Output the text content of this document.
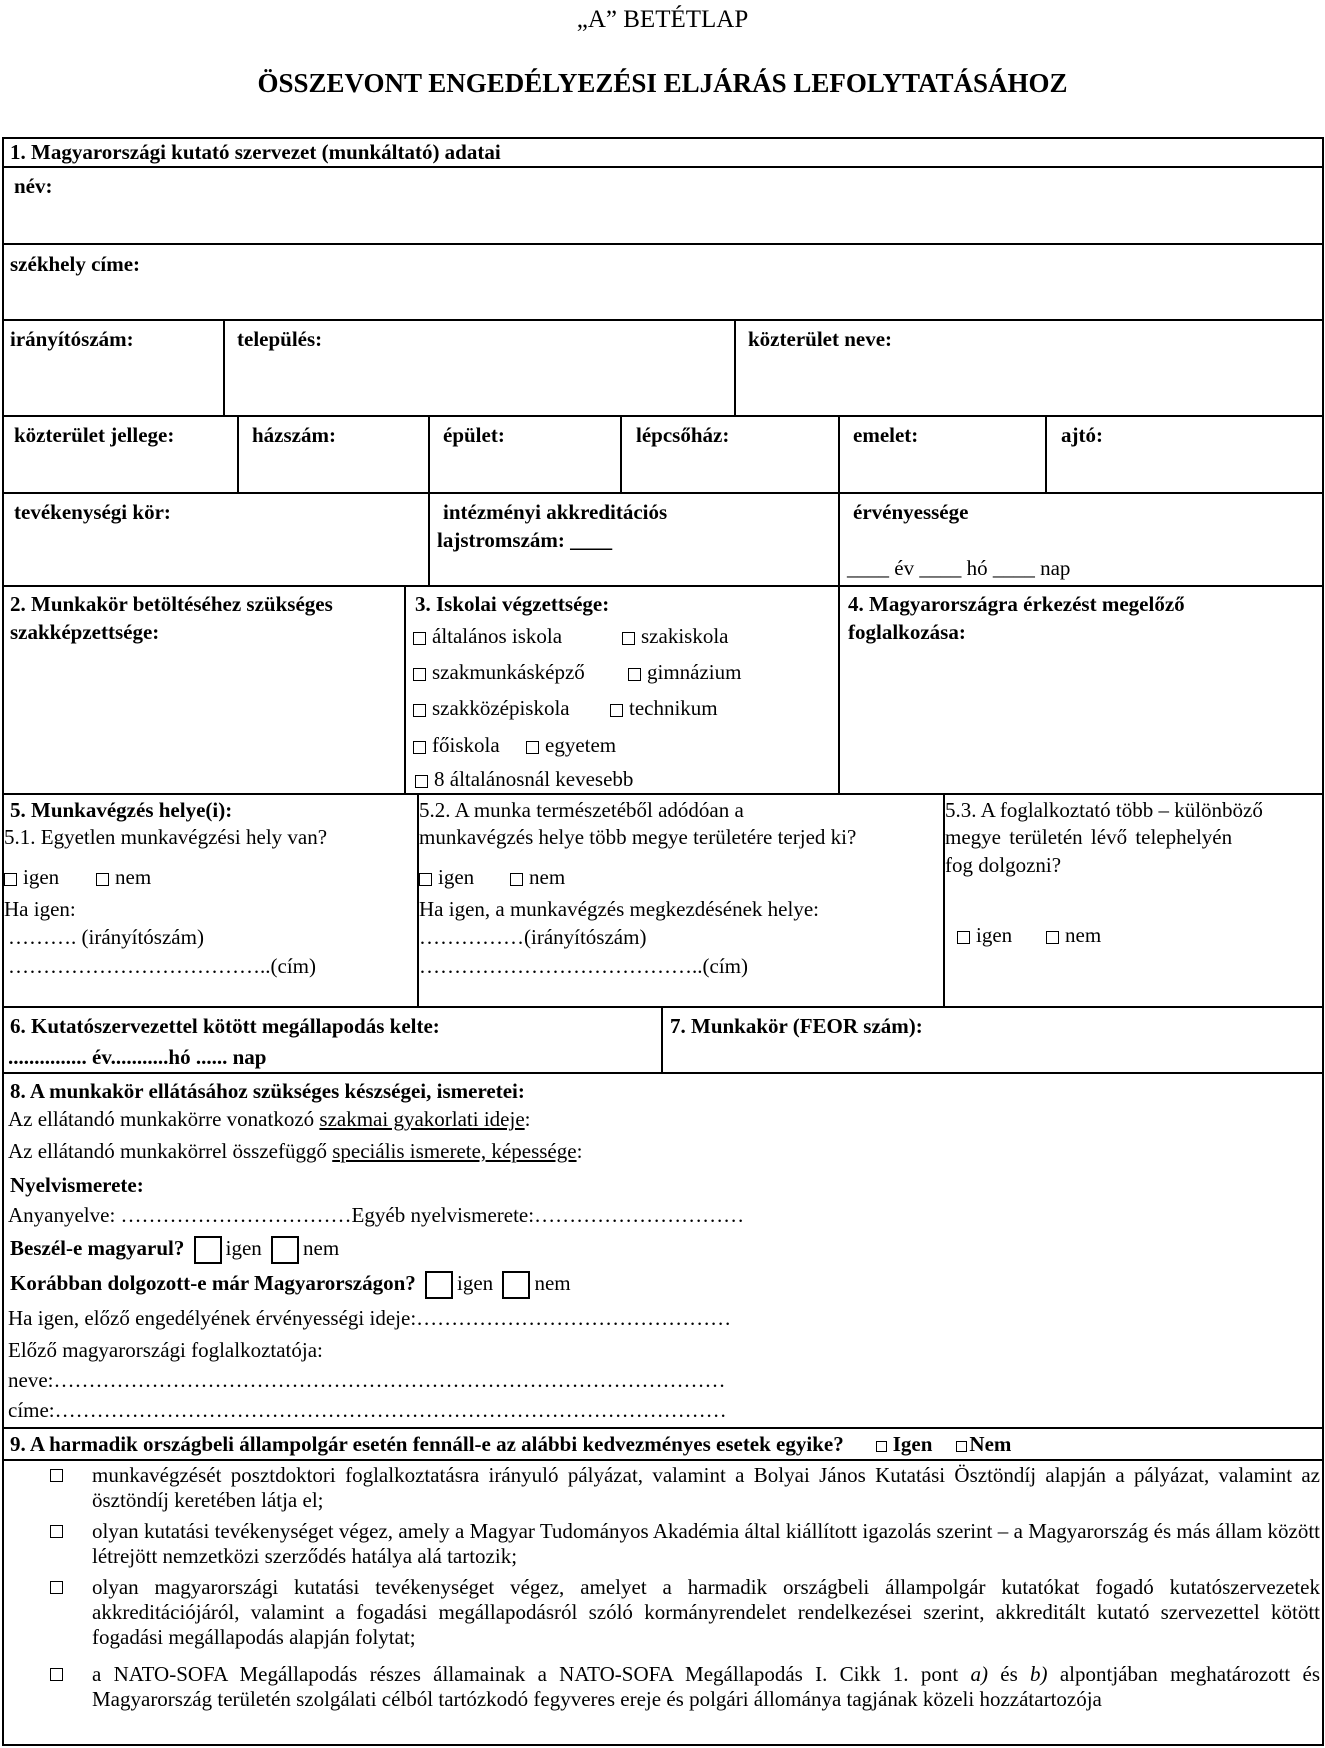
„A” BETÉTLAP
ÖSSZEVONT ENGEDÉLYEZÉSI ELJÁRÁS LEFOLYTATÁSÁHOZ
1. Magyarországi kutató szervezet (munkáltató) adatai
név:
székhely címe:
irányítószám:	település:	közterület neve:
közterület jellege:	házszám:	épület:	lépcsőház:	emelet:	ajtó:
tevékenységi kör:	intézményi akkreditációs
lajstromszám: ____
érvényessége
____ év ____ hó ____ nap
2. Munkakör betöltéséhez szükséges
szakképzettsége:
3. Iskolai végzettsége:
általános iskola	szakiskola
szakmunkásképző	gimnázium
szakközépiskola	technikum
főiskola	egyetem
8 általánosnál kevesebb
4. Magyarországra érkezést megelőző
foglalkozása:
5. Munkavégzés helye(i):
5.1. Egyetlen munkavégzési hely van?
igen	nem
Ha igen:
………. (irányítószám)
………………………………..(cím)
5.2. A munka természetéből adódóan a
munkavégzés helye több megye területére terjed ki?
igen	nem
Ha igen, a munkavégzés megkezdésének helye:
……………(irányítószám)
…………………………………..(cím)
5.3. A foglalkoztató több – különböző
megye területén lévő telephelyén
fog dolgozni?
igen	nem
6. Kutatószervezettel kötött megállapodás kelte:
............... év...........hó ...... nap
7. Munkakör (FEOR szám):
8. A munkakör ellátásához szükséges készségei, ismeretei:
Az ellátandó munkakörre vonatkozó szakmai gyakorlati ideje:
Az ellátandó munkakörrel összefüggő speciális ismerete, képessége:
Nyelvismerete:
Anyanyelve: ……………………………Egyéb nyelvismerete:…………………………
Beszél-e magyarul? igen nem
Korábban dolgozott-e már Magyarországon? igen nem
Ha igen, előző engedélyének érvényességi ideje:………………………………………
Előző magyarországi foglalkoztatója:
neve:……………………………………………………………………………………
címe:……………………………………………………………………………………
9. A harmadik országbeli állampolgár esetén fennáll-e az alábbi kedvezményes esetek egyike? Igen Nem
munkavégzését posztdoktori foglalkoztatásra irányuló pályázat, valamint a Bolyai János Kutatási Ösztöndíj alapján a pályázat, valamint az ösztöndíj keretében látja el;
olyan kutatási tevékenységet végez, amely a Magyar Tudományos Akadémia által kiállított igazolás szerint – a Magyarország és más állam között létrejött nemzetközi szerződés hatálya alá tartozik;
olyan magyarországi kutatási tevékenységet végez, amelyet a harmadik országbeli állampolgár kutatókat fogadó kutatószervezetek akkreditációjáról, valamint a fogadási megállapodásról szóló kormányrendelet rendelkezései szerint, akkreditált kutató szervezettel kötött fogadási megállapodás alapján folytat;
a NATO-SOFA Megállapodás részes államainak a NATO-SOFA Megállapodás I. Cikk 1. pont a) és b) alpontjában meghatározott és Magyarország területén szolgálati célból tartózkodó fegyveres ereje és polgári állománya tagjának közeli hozzátartozója
